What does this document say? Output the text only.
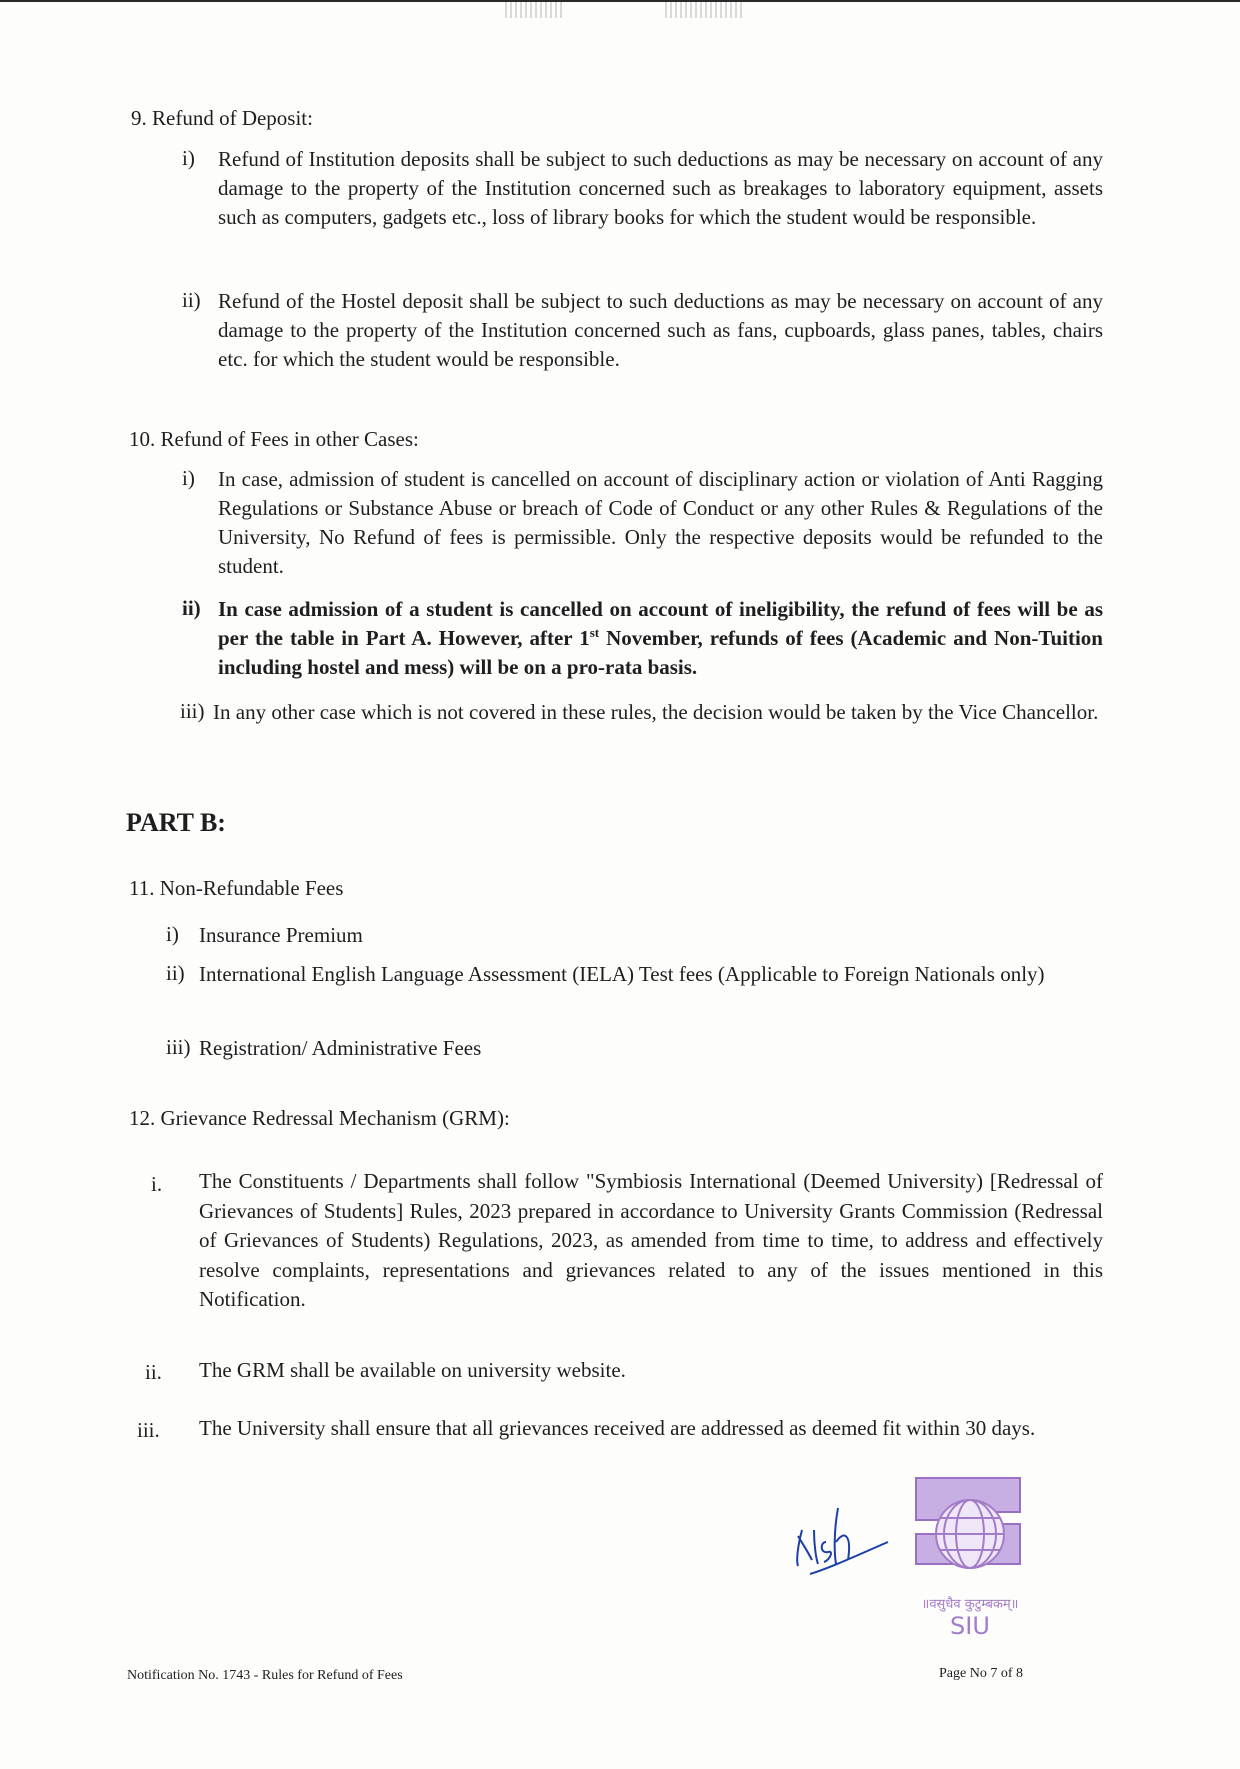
9. Refund of Deposit:
i) Refund of Institution deposits shall be subject to such deductions as may be necessary on account of any damage to the property of the Institution concerned such as breakages to laboratory equipment, assets such as computers, gadgets etc., loss of library books for which the student would be responsible.
ii) Refund of the Hostel deposit shall be subject to such deductions as may be necessary on account of any damage to the property of the Institution concerned such as fans, cupboards, glass panes, tables, chairs etc. for which the student would be responsible.
10. Refund of Fees in other Cases:
i) In case, admission of student is cancelled on account of disciplinary action or violation of Anti Ragging Regulations or Substance Abuse or breach of Code of Conduct or any other Rules & Regulations of the University, No Refund of fees is permissible. Only the respective deposits would be refunded to the student.
ii) In case admission of a student is cancelled on account of ineligibility, the refund of fees will be as per the table in Part A. However, after 1st November, refunds of fees (Academic and Non-Tuition including hostel and mess) will be on a pro-rata basis.
iii) In any other case which is not covered in these rules, the decision would be taken by the Vice Chancellor.
PART B:
11. Non-Refundable Fees
i) Insurance Premium
ii) International English Language Assessment (IELA) Test fees (Applicable to Foreign Nationals only)
iii) Registration/ Administrative Fees
12. Grievance Redressal Mechanism (GRM):
i. The Constituents / Departments shall follow "Symbiosis International (Deemed University) [Redressal of Grievances of Students] Rules, 2023 prepared in accordance to University Grants Commission (Redressal of Grievances of Students) Regulations, 2023, as amended from time to time, to address and effectively resolve complaints, representations and grievances related to any of the issues mentioned in this Notification.
ii. The GRM shall be available on university website.
iii. The University shall ensure that all grievances received are addressed as deemed fit within 30 days.
॥वसुधैव कुटुम्बकम्॥
SIU
Notification No. 1743 - Rules for Refund of Fees	Page No 7 of 8
